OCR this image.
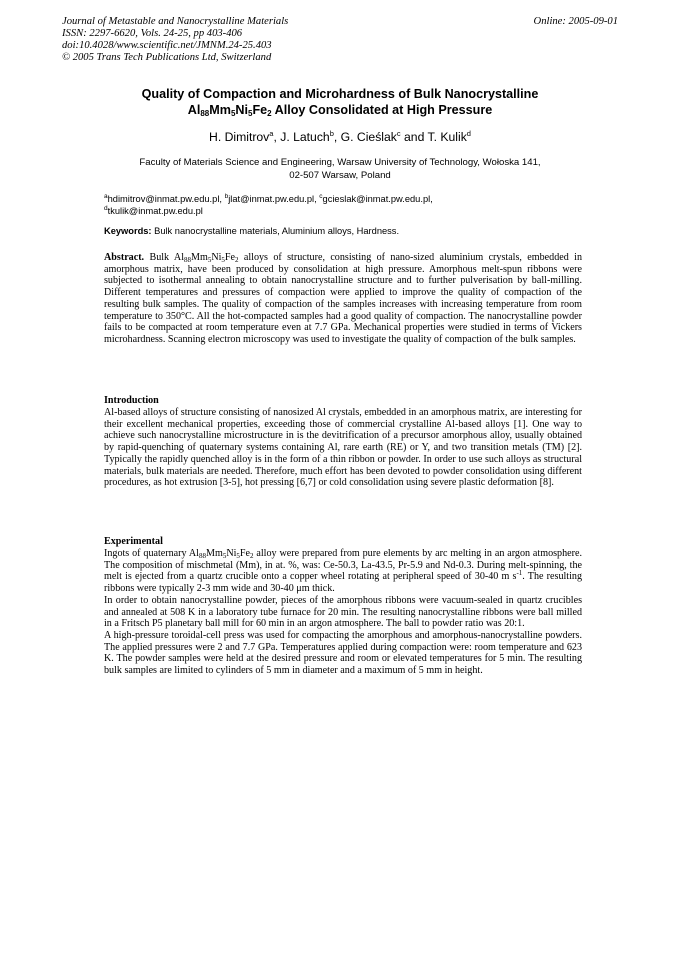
Journal of Metastable and Nanocrystalline Materials
ISSN: 2297-6620, Vols. 24-25, pp 403-406
doi:10.4028/www.scientific.net/JMNM.24-25.403
© 2005 Trans Tech Publications Ltd, Switzerland
Online: 2005-09-01
Quality of Compaction and Microhardness of Bulk Nanocrystalline
$Al_{88}Mm_5Ni_5Fe_2$ Alloy Consolidated at High Pressure
H. Dimitrov$^a$, J. Latuch$^b$, G. Cieślak$^c$ and T. Kulik$^d$
Faculty of Materials Science and Engineering, Warsaw University of Technology, Wołoska 141,
02-507 Warsaw, Poland
$^a$hdimitrov@inmat.pw.edu.pl, $^b$jlat@inmat.pw.edu.pl, $^c$gcieslak@inmat.pw.edu.pl,
$^d$tkulik@inmat.pw.edu.pl
Keywords: Bulk nanocrystalline materials, Aluminium alloys, Hardness.

Abstract. Bulk $Al_{88}Mm_5Ni_5Fe_2$ alloys of structure, consisting of nano-sized aluminium crystals, embedded in amorphous matrix, have been produced by consolidation at high pressure. Amorphous melt-spun ribbons were subjected to isothermal annealing to obtain nanocrystalline structure and to further pulverisation by ball-milling. Different temperatures and pressures of compaction were applied to improve the quality of compaction of the resulting bulk samples. The quality of compaction of the samples increases with increasing temperature from room temperature to 350°C. All the hot-compacted samples had a good quality of compaction. The nanocrystalline powder fails to be compacted at room temperature even at 7.7 GPa. Mechanical properties were studied in terms of Vickers microhardness. Scanning electron microscopy was used to investigate the quality of compaction of the bulk samples.

Introduction

Al-based alloys of structure consisting of nanosized Al crystals, embedded in an amorphous matrix, are interesting for their excellent mechanical properties, exceeding those of commercial crystalline Al-based alloys [1]. One way to achieve such nanocrystalline microstructure in is the devitrification of a precursor amorphous alloy, usually obtained by rapid-quenching of quaternary systems containing Al, rare earth (RE) or Y, and two transition metals (TM) [2]. Typically the rapidly quenched alloy is in the form of a thin ribbon or powder. In order to use such alloys as structural materials, bulk materials are needed. Therefore, much effort has been devoted to powder consolidation using different procedures, as hot extrusion [3-5], hot pressing [6,7] or cold consolidation using severe plastic deformation [8].

Experimental

Ingots of quaternary $Al_{88}Mm_5Ni_5Fe_2$ alloy were prepared from pure elements by arc melting in an argon atmosphere. The composition of mischmetal (Mm), in at. %, was: Ce-50.3, La-43.5, Pr-5.9 and Nd-0.3. During melt-spinning, the melt is ejected from a quartz crucible onto a copper wheel rotating at peripheral speed of 30-40 m $s^{-1}$. The resulting ribbons were typically 2-3 mm wide and 30-40 μm thick.

In order to obtain nanocrystalline powder, pieces of the amorphous ribbons were vacuum-sealed in quartz crucibles and annealed at 508 K in a laboratory tube furnace for 20 min. The resulting nanocrystalline ribbons were ball milled in a Fritsch P5 planetary ball mill for 60 min in an argon atmosphere. The ball to powder ratio was 20:1.

A high-pressure toroidal-cell press was used for compacting the amorphous and amorphous-nanocrystalline powders. The applied pressures were 2 and 7.7 GPa. Temperatures applied during compaction were: room temperature and 623 K. The powder samples were held at the desired pressure and room or elevated temperatures for 5 min. The resulting bulk samples are limited to cylinders of 5 mm in diameter and a maximum of 5 mm in height.
